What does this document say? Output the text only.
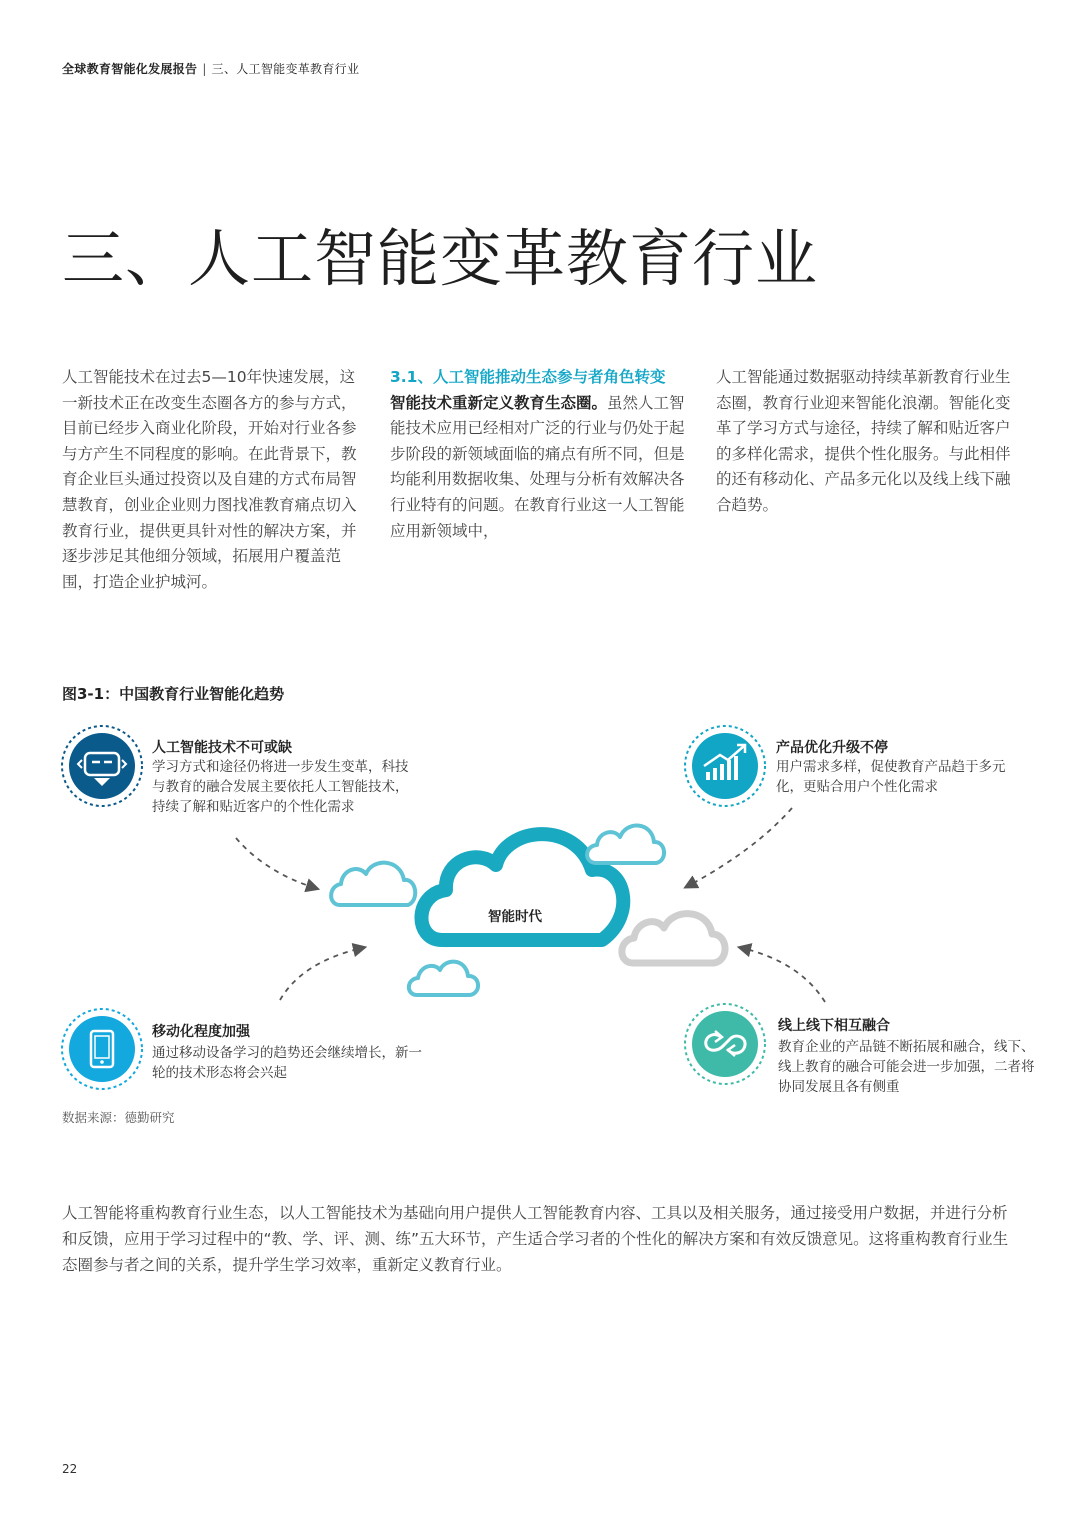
全球教育智能化发展报告 | 三、人工智能变革教育行业
三、人工智能变革教育行业

人工智能技术在过去5—10年快速发展，这一新技术正在改变生态圈各方的参与方式，目前已经步入商业化阶段，开始对行业各参与方产生不同程度的影响。在此背景下，教育企业巨头通过投资以及自建的方式布局智慧教育，创业企业则力图找准教育痛点切入教育行业，提供更具针对性的解决方案，并逐步涉足其他细分领域，拓展用户覆盖范围，打造企业护城河。

3.1、人工智能推动生态参与者角色转变

智能技术重新定义教育生态圈。虽然人工智能技术应用已经相对广泛的行业与仍处于起步阶段的新领域面临的痛点有所不同，但是均能利用数据收集、处理与分析有效解决各行业特有的问题。在教育行业这一人工智能应用新领域中，

人工智能通过数据驱动持续革新教育行业生态圈，教育行业迎来智能化浪潮。智能化变革了学习方式与途径，持续了解和贴近客户的多样化需求，提供个性化服务。与此相伴的还有移动化、产品多元化以及线上线下融合趋势。

图3-1：中国教育行业智能化趋势
人工智能技术不可或缺
学习方式和途径仍将进一步发生变革，科技与教育的融合发展主要依托人工智能技术，持续了解和贴近客户的个性化需求
产品优化升级不停
用户需求多样，促使教育产品趋于多元化，更贴合用户个性化需求
移动化程度加强
通过移动设备学习的趋势还会继续增长，新一轮的技术形态将会兴起
线上线下相互融合
教育企业的产品链不断拓展和融合，线下、线上教育的融合可能会进一步加强，二者将协同发展且各有侧重
智能时代
数据来源：德勤研究
人工智能将重构教育行业生态，以人工智能技术为基础向用户提供人工智能教育内容、工具以及相关服务，通过接受用户数据，并进行分析和反馈，应用于学习过程中的“教、学、评、测、练”五大环节，产生适合学习者的个性化的解决方案和有效反馈意见。这将重构教育行业生态圈参与者之间的关系，提升学生学习效率，重新定义教育行业。
22
